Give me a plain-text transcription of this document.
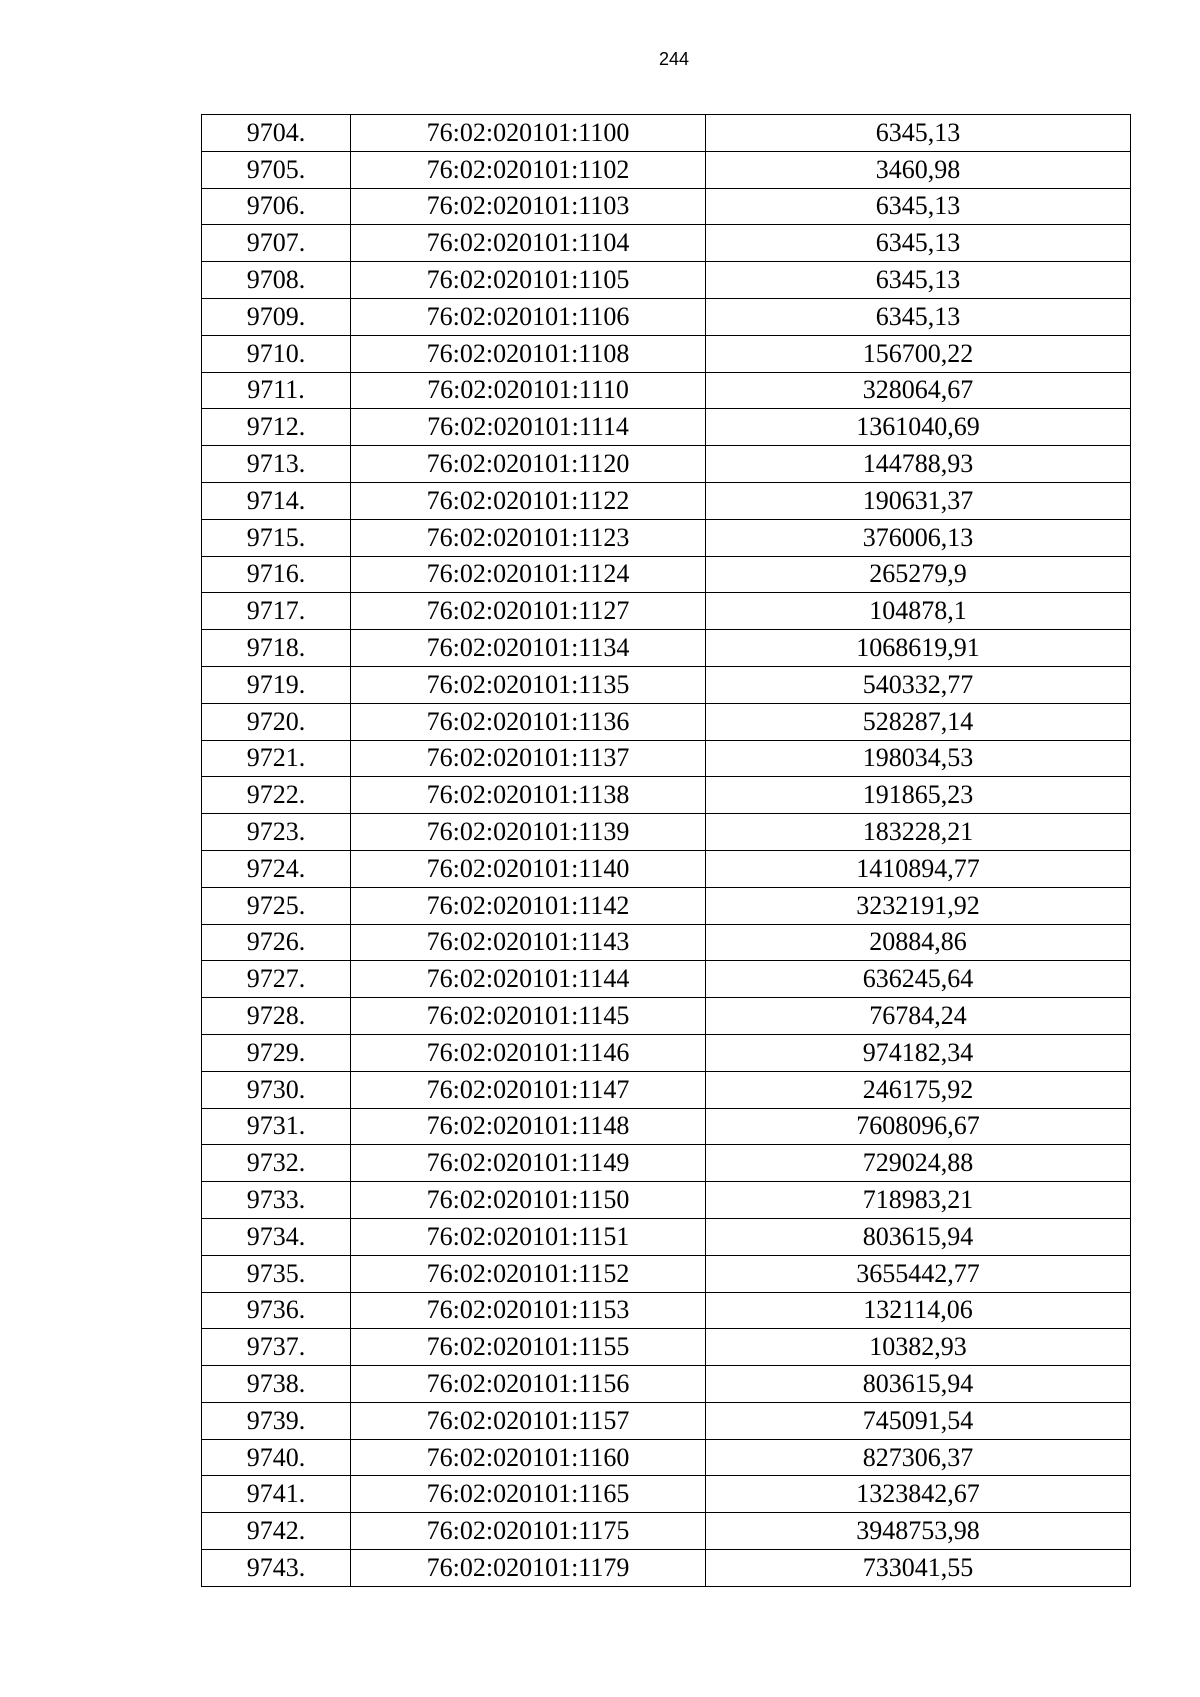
244
9704.	76:02:020101:1100	6345,13
9705.	76:02:020101:1102	3460,98
9706.	76:02:020101:1103	6345,13
9707.	76:02:020101:1104	6345,13
9708.	76:02:020101:1105	6345,13
9709.	76:02:020101:1106	6345,13
9710.	76:02:020101:1108	156700,22
9711.	76:02:020101:1110	328064,67
9712.	76:02:020101:1114	1361040,69
9713.	76:02:020101:1120	144788,93
9714.	76:02:020101:1122	190631,37
9715.	76:02:020101:1123	376006,13
9716.	76:02:020101:1124	265279,9
9717.	76:02:020101:1127	104878,1
9718.	76:02:020101:1134	1068619,91
9719.	76:02:020101:1135	540332,77
9720.	76:02:020101:1136	528287,14
9721.	76:02:020101:1137	198034,53
9722.	76:02:020101:1138	191865,23
9723.	76:02:020101:1139	183228,21
9724.	76:02:020101:1140	1410894,77
9725.	76:02:020101:1142	3232191,92
9726.	76:02:020101:1143	20884,86
9727.	76:02:020101:1144	636245,64
9728.	76:02:020101:1145	76784,24
9729.	76:02:020101:1146	974182,34
9730.	76:02:020101:1147	246175,92
9731.	76:02:020101:1148	7608096,67
9732.	76:02:020101:1149	729024,88
9733.	76:02:020101:1150	718983,21
9734.	76:02:020101:1151	803615,94
9735.	76:02:020101:1152	3655442,77
9736.	76:02:020101:1153	132114,06
9737.	76:02:020101:1155	10382,93
9738.	76:02:020101:1156	803615,94
9739.	76:02:020101:1157	745091,54
9740.	76:02:020101:1160	827306,37
9741.	76:02:020101:1165	1323842,67
9742.	76:02:020101:1175	3948753,98
9743.	76:02:020101:1179	733041,55
